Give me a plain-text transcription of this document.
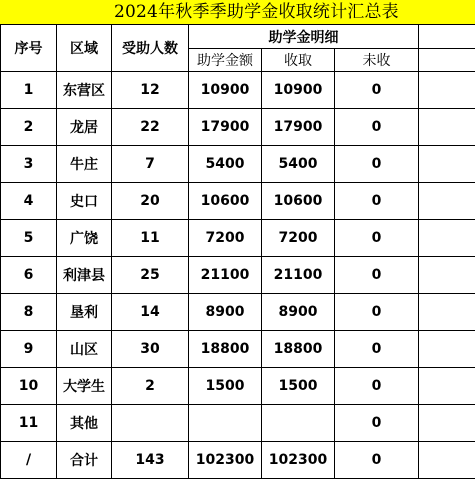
2024年秋季季助学金收取统计汇总表
序号	区域	受助人数	助学金明细			
			助学金额	收取	未收	
1	东营区	12	10900	10900	0	
2	龙居	22	17900	17900	0	
3	牛庄	7	5400	5400	0	
4	史口	20	10600	10600	0	
5	广饶	11	7200	7200	0	
6	利津县	25	21100	21100	0	
8	垦利	14	8900	8900	0	
9	山区	30	18800	18800	0	
10	大学生	2	1500	1500	0	
11	其他				0	
/	合计	143	102300	102300	0	
